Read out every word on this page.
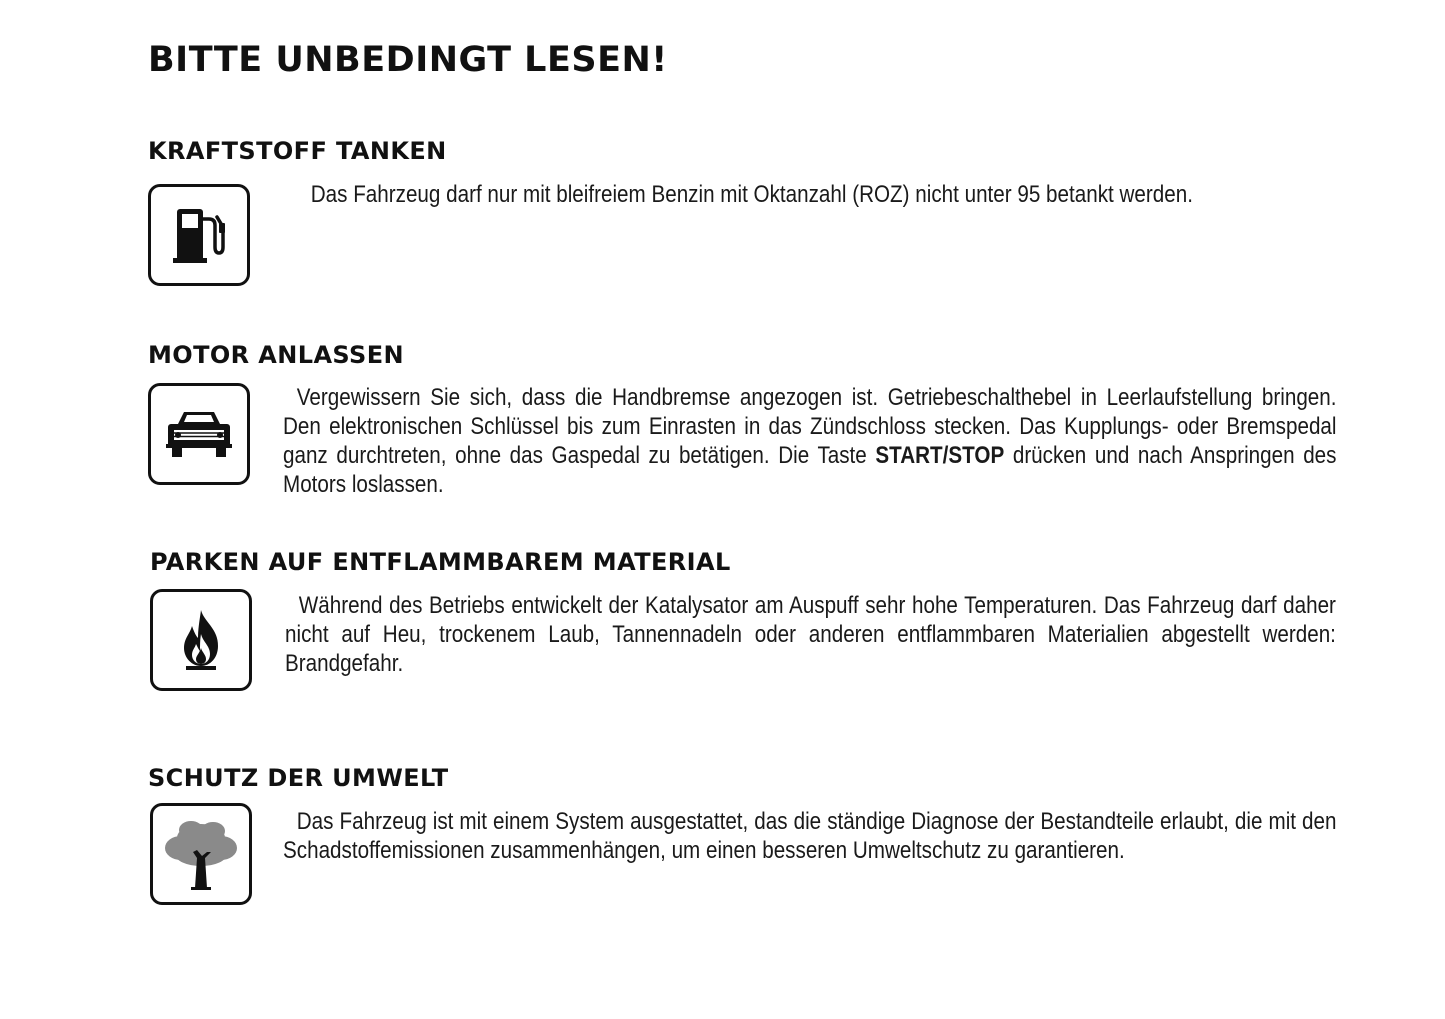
BITTE UNBEDINGT LESEN!
KRAFTSTOFF TANKEN

Das Fahrzeug darf nur mit bleifreiem Benzin mit Oktanzahl (ROZ) nicht unter 95 betankt werden.

MOTOR ANLASSEN

Vergewissern Sie sich, dass die Handbremse angezogen ist. Getriebeschalthebel in Leerlaufstellung bringen. Den elektronischen Schlüssel bis zum Einrasten in das Zündschloss stecken. Das Kupplungs- oder Bremspedal ganz durchtreten, ohne das Gaspedal zu betätigen. Die Taste START/STOP drücken und nach Anspringen des Motors loslassen.

PARKEN AUF ENTFLAMMBAREM MATERIAL

Während des Betriebs entwickelt der Katalysator am Auspuff sehr hohe Temperaturen. Das Fahrzeug darf daher nicht auf Heu, trockenem Laub, Tannennadeln oder anderen entflammbaren Materialien abgestellt werden: Brandgefahr.

SCHUTZ DER UMWELT

Das Fahrzeug ist mit einem System ausgestattet, das die ständige Diagnose der Bestandteile erlaubt, die mit den Schadstoffemissionen zusammenhängen, um einen besseren Umweltschutz zu garantieren.
